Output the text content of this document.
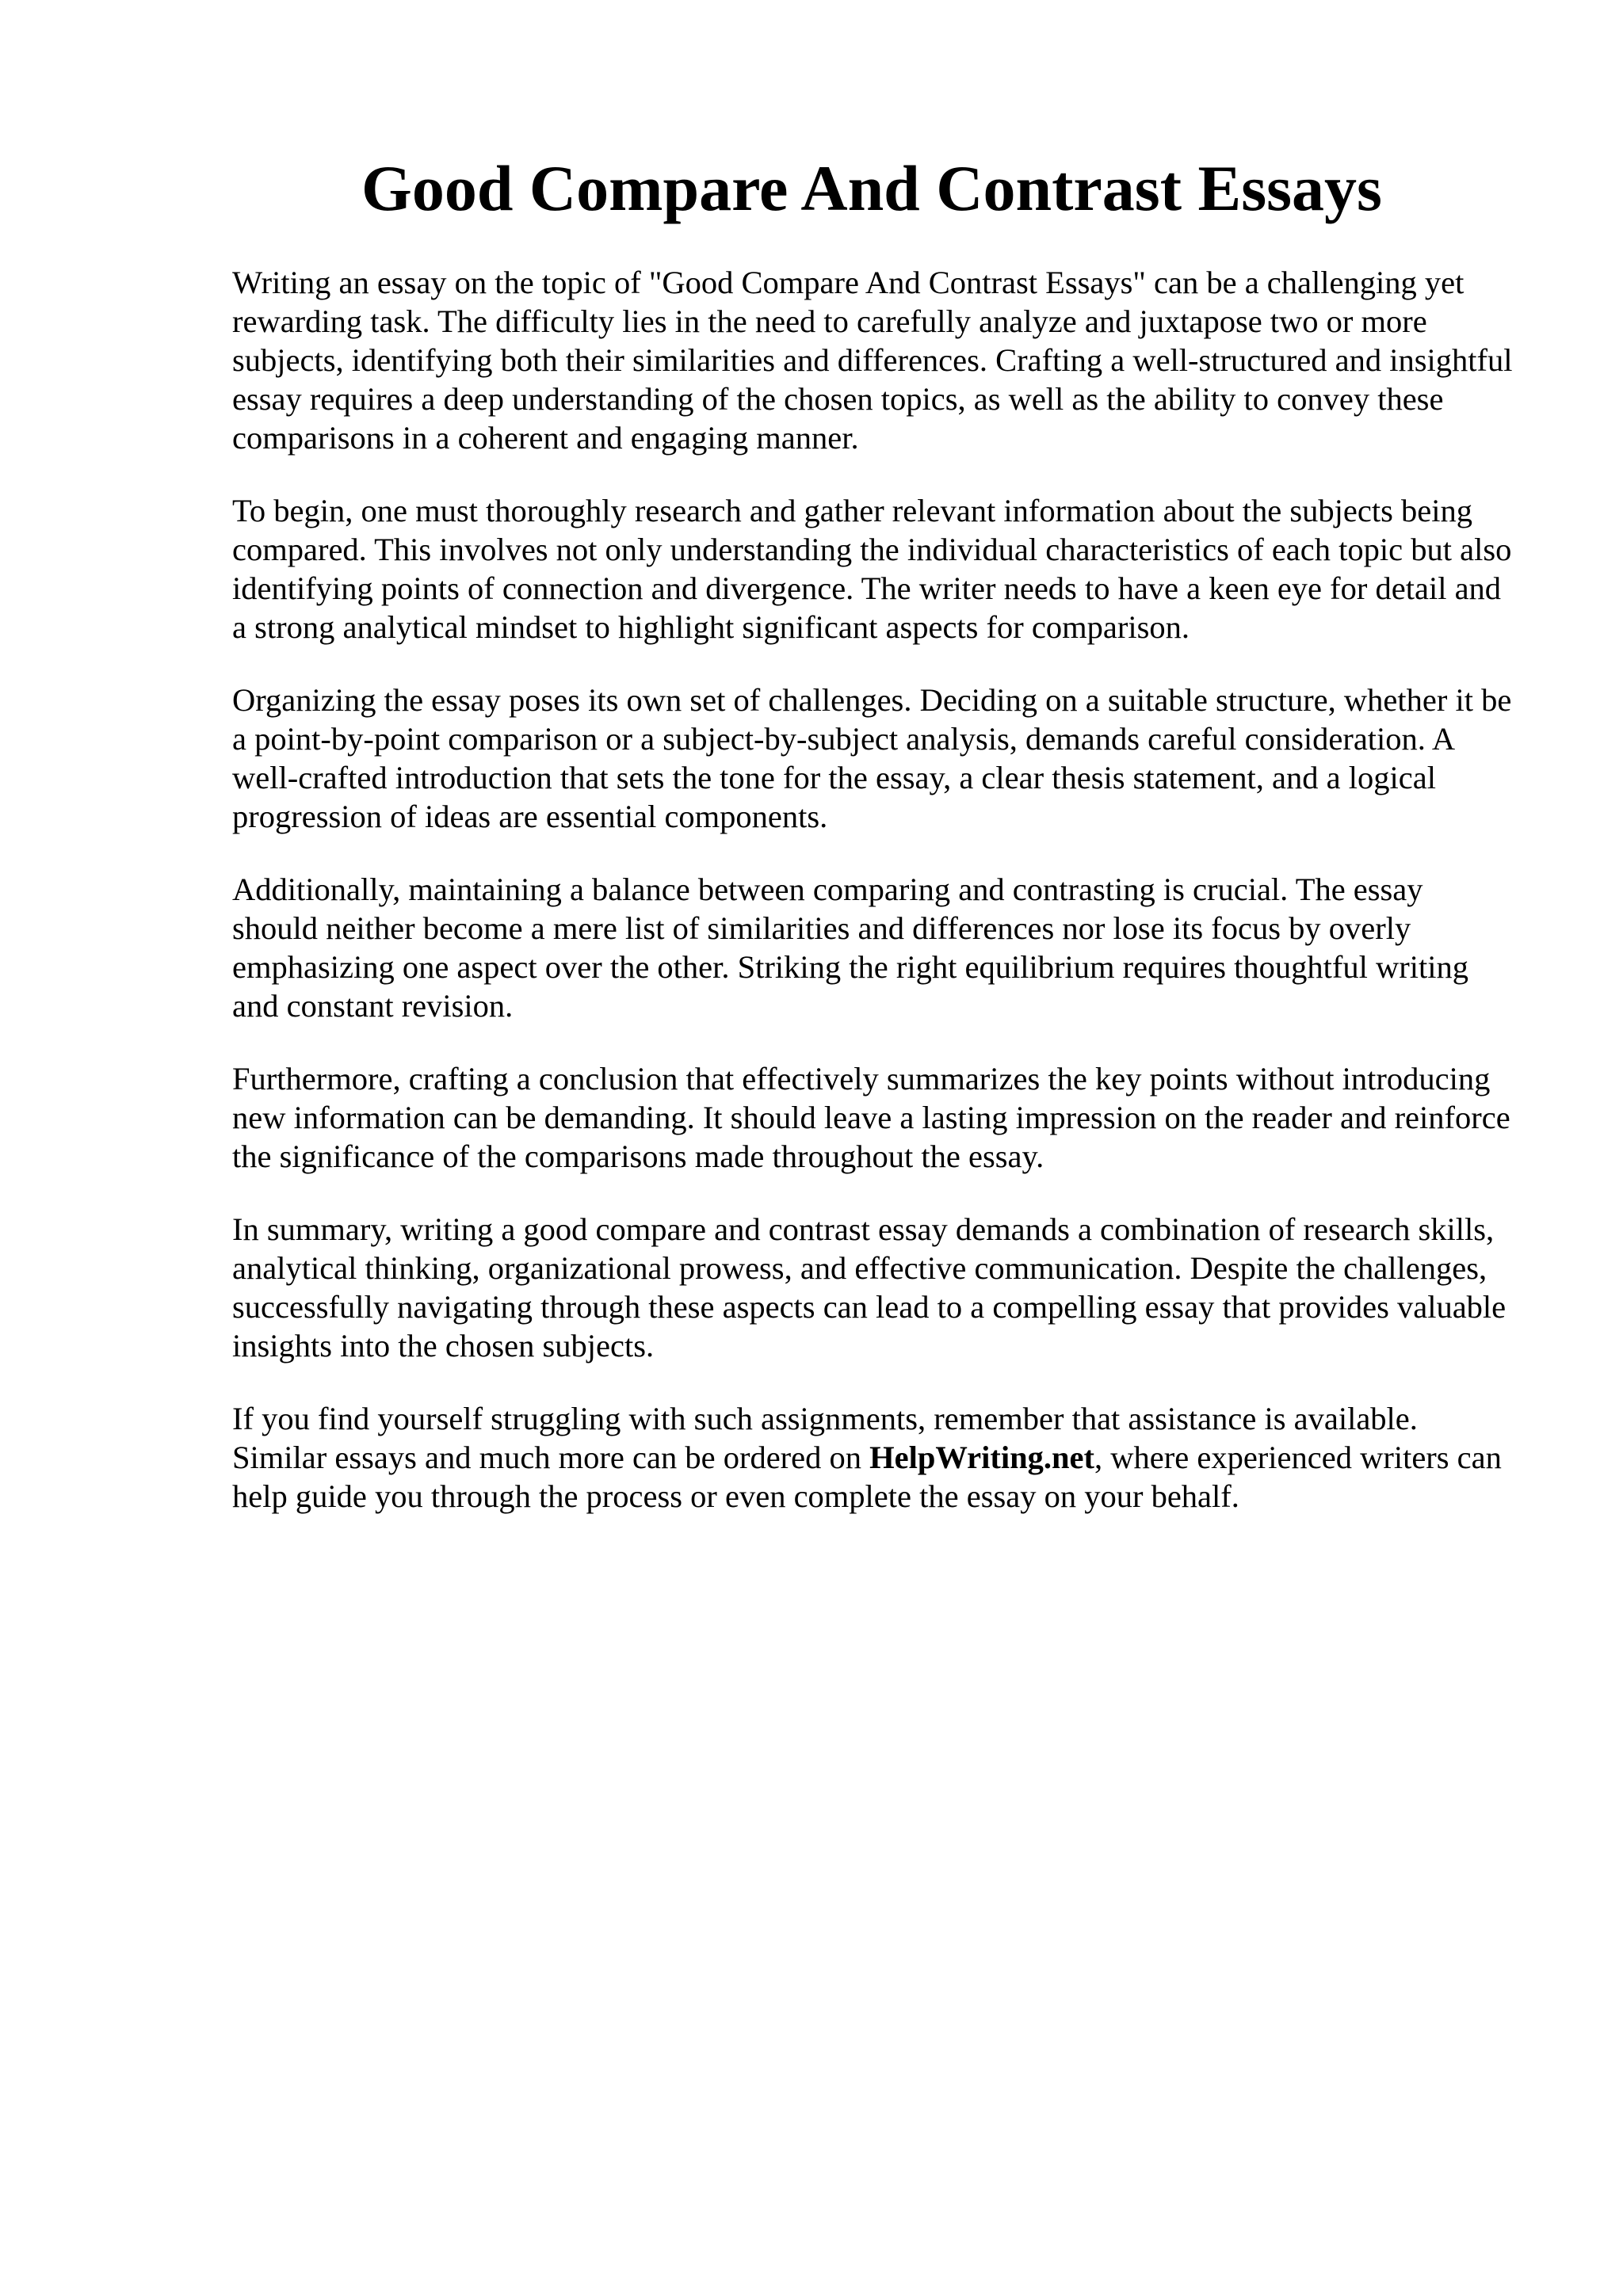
Good Compare And Contrast Essays

Writing an essay on the topic of "Good Compare And Contrast Essays" can be a challenging yet rewarding task. The difficulty lies in the need to carefully analyze and juxtapose two or more subjects, identifying both their similarities and differences. Crafting a well-structured and insightful essay requires a deep understanding of the chosen topics, as well as the ability to convey these comparisons in a coherent and engaging manner.

To begin, one must thoroughly research and gather relevant information about the subjects being compared. This involves not only understanding the individual characteristics of each topic but also identifying points of connection and divergence. The writer needs to have a keen eye for detail and a strong analytical mindset to highlight significant aspects for comparison.

Organizing the essay poses its own set of challenges. Deciding on a suitable structure, whether it be a point-by-point comparison or a subject-by-subject analysis, demands careful consideration. A well-crafted introduction that sets the tone for the essay, a clear thesis statement, and a logical progression of ideas are essential components.

Additionally, maintaining a balance between comparing and contrasting is crucial. The essay should neither become a mere list of similarities and differences nor lose its focus by overly emphasizing one aspect over the other. Striking the right equilibrium requires thoughtful writing and constant revision.

Furthermore, crafting a conclusion that effectively summarizes the key points without introducing new information can be demanding. It should leave a lasting impression on the reader and reinforce the significance of the comparisons made throughout the essay.

In summary, writing a good compare and contrast essay demands a combination of research skills, analytical thinking, organizational prowess, and effective communication. Despite the challenges, successfully navigating through these aspects can lead to a compelling essay that provides valuable insights into the chosen subjects.

If you find yourself struggling with such assignments, remember that assistance is available. Similar essays and much more can be ordered on HelpWriting.net, where experienced writers can help guide you through the process or even complete the essay on your behalf.
